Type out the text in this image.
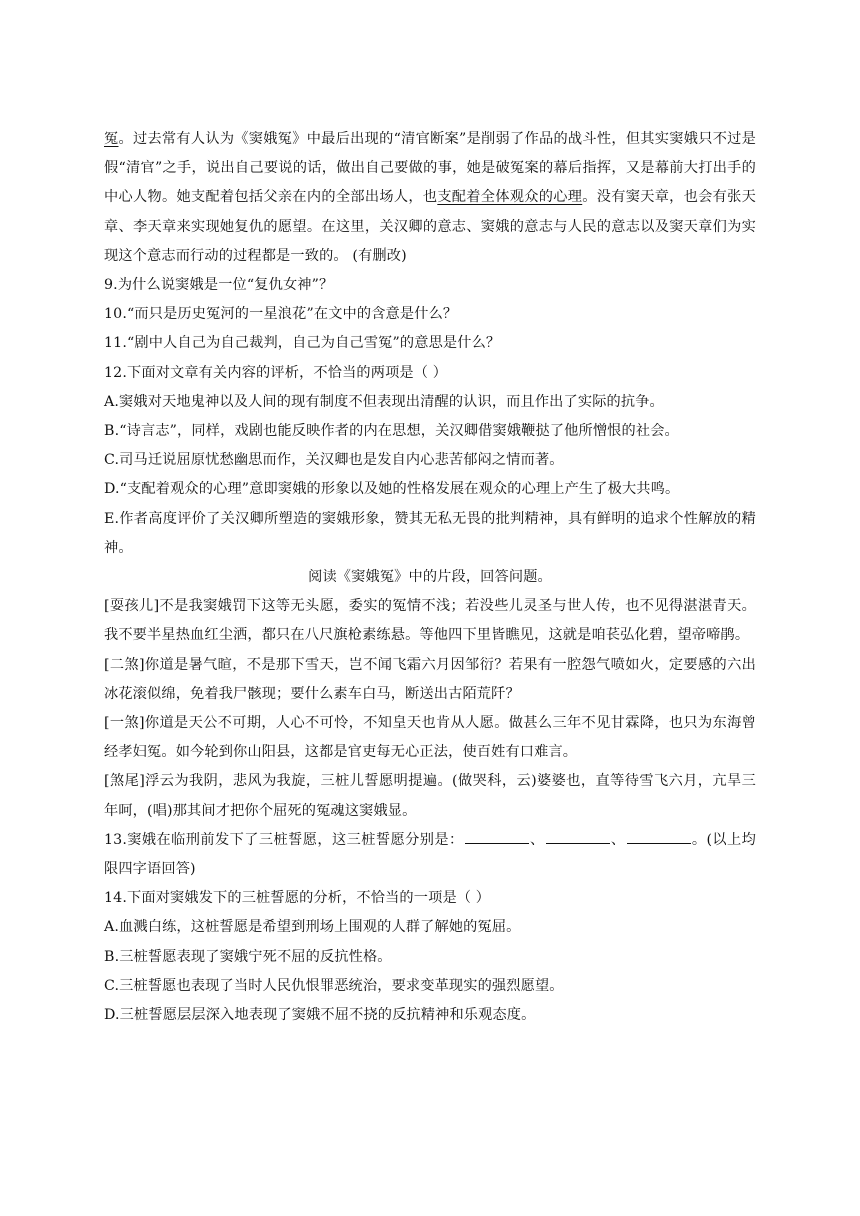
冤。过去常有人认为《窦娥冤》中最后出现的“清官断案”是削弱了作品的战斗性，但其实窦娥只不过是假“清官”之手，说出自己要说的话，做出自己要做的事，她是破冤案的幕后指挥，又是幕前大打出手的中心人物。她支配着包括父亲在内的全部出场人，也支配着全体观众的心理。没有窦天章，也会有张天章、李天章来实现她复仇的愿望。在这里，关汉卿的意志、窦娥的意志与人民的意志以及窦天章们为实现这个意志而行动的过程都是一致的。 (有删改)

9.为什么说窦娥是一位“复仇女神”？

10.“而只是历史冤河的一星浪花”在文中的含意是什么？

11.“剧中人自己为自己裁判，自己为自己雪冤”的意思是什么？

12.下面对文章有关内容的评析，不恰当的两项是（ ）

A.窦娥对天地鬼神以及人间的现有制度不但表现出清醒的认识，而且作出了实际的抗争。

B.“诗言志”，同样，戏剧也能反映作者的内在思想，关汉卿借窦娥鞭挞了他所憎恨的社会。

C.司马迁说屈原忧愁幽思而作，关汉卿也是发自内心悲苦郁闷之情而著。

D.“支配着观众的心理”意即窦娥的形象以及她的性格发展在观众的心理上产生了极大共鸣。

E.作者高度评价了关汉卿所塑造的窦娥形象，赞其无私无畏的批判精神，具有鲜明的追求个性解放的精神。

阅读《窦娥冤》中的片段，回答问题。

[耍孩儿]不是我窦娥罚下这等无头愿，委实的冤情不浅；若没些儿灵圣与世人传，也不见得湛湛青天。我不要半星热血红尘洒，都只在八尺旗枪素练悬。等他四下里皆瞧见，这就是咱苌弘化碧，望帝啼鹃。

[二煞]你道是暑气暄，不是那下雪天，岂不闻飞霜六月因邹衍？若果有一腔怨气喷如火，定要感的六出冰花滚似绵，免着我尸骸现；要什么素车白马，断送出古陌荒阡？

[一煞]你道是天公不可期，人心不可怜，不知皇天也肯从人愿。做甚么三年不见甘霖降，也只为东海曾经孝妇冤。如今轮到你山阳县，这都是官吏每无心正法，使百姓有口难言。

[煞尾]浮云为我阴，悲风为我旋，三桩儿誓愿明提遍。(做哭科，云)婆婆也，直等待雪飞六月，亢旱三年呵，(唱)那其间才把你个屈死的冤魂这窦娥显。

13.窦娥在临刑前发下了三桩誓愿，这三桩誓愿分别是：	、	、	。(以上均限四字语回答)

14.下面对窦娥发下的三桩誓愿的分析，不恰当的一项是（ ）

A.血溅白练，这桩誓愿是希望到刑场上围观的人群了解她的冤屈。

B.三桩誓愿表现了窦娥宁死不屈的反抗性格。

C.三桩誓愿也表现了当时人民仇恨罪恶统治，要求变革现实的强烈愿望。

D.三桩誓愿层层深入地表现了窦娥不屈不挠的反抗精神和乐观态度。
